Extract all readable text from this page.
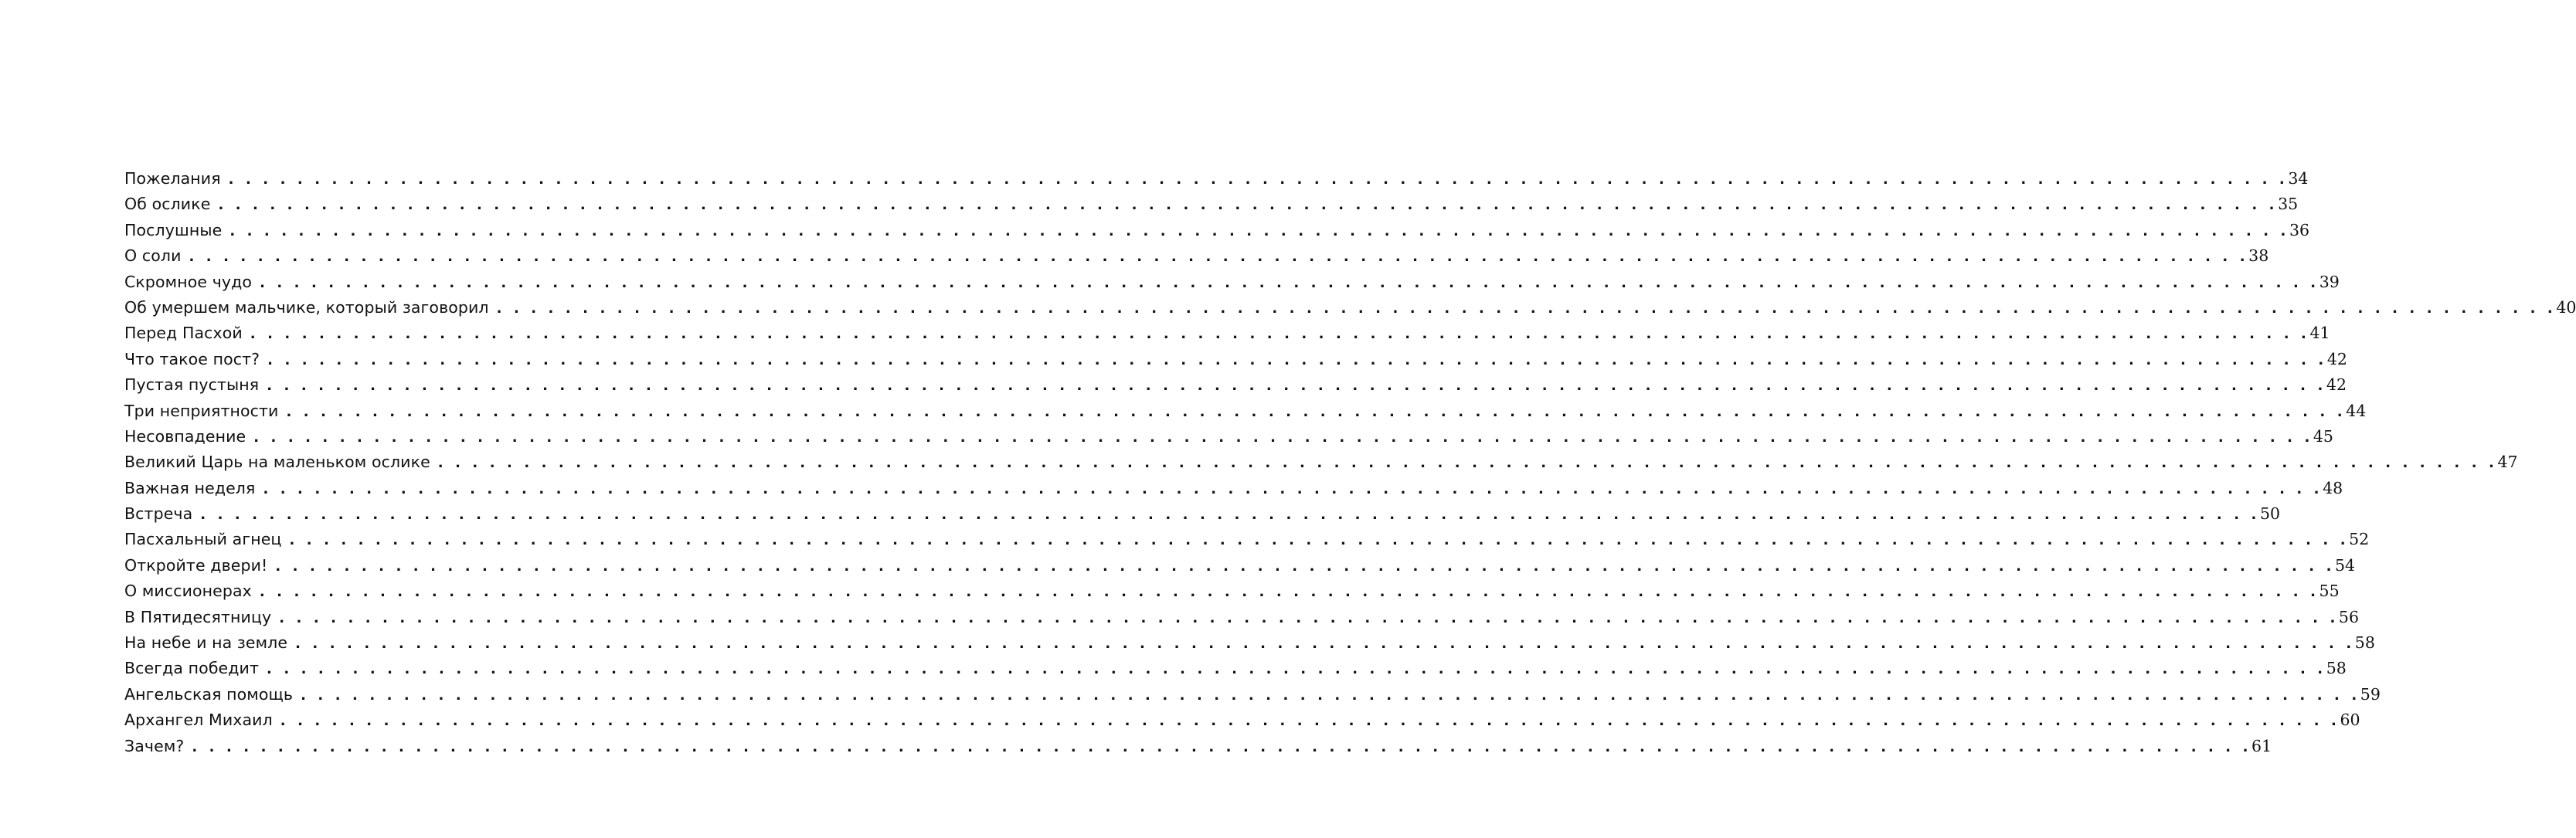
Пожелания . . . . . . . . . . . . . . . . . . . . . . . . . . . . . . . . . . . . . . . . . . . . . . . . . . . . . . . . . . . . . . . . . . . . . . . . . . . . . . . . . . . . . . . . . . . . . . . . . . . . . . . . . . . . . . . . . . . . . . . . 34
Об ослике . . . . . . . . . . . . . . . . . . . . . . . . . . . . . . . . . . . . . . . . . . . . . . . . . . . . . . . . . . . . . . . . . . . . . . . . . . . . . . . . . . . . . . . . . . . . . . . . . . . . . . . . . . . . . . . . . . . . . . . . 35
Послушные . . . . . . . . . . . . . . . . . . . . . . . . . . . . . . . . . . . . . . . . . . . . . . . . . . . . . . . . . . . . . . . . . . . . . . . . . . . . . . . . . . . . . . . . . . . . . . . . . . . . . . . . . . . . . . . . . . . . . . . . 36
О соли . . . . . . . . . . . . . . . . . . . . . . . . . . . . . . . . . . . . . . . . . . . . . . . . . . . . . . . . . . . . . . . . . . . . . . . . . . . . . . . . . . . . . . . . . . . . . . . . . . . . . . . . . . . . . . . . . . . . . . . . 38
Скромное чудо . . . . . . . . . . . . . . . . . . . . . . . . . . . . . . . . . . . . . . . . . . . . . . . . . . . . . . . . . . . . . . . . . . . . . . . . . . . . . . . . . . . . . . . . . . . . . . . . . . . . . . . . . . . . . . . . . . . . . . . . 39
Об умершем мальчике, который заговорил . . . . . . . . . . . . . . . . . . . . . . . . . . . . . . . . . . . . . . . . . . . . . . . . . . . . . . . . . . . . . . . . . . . . . . . . . . . . . . . . . . . . . . . . . . . . . . . . . . . . . . . . . . . . . . . . . . . . . . . . 40
Перед Пасхой . . . . . . . . . . . . . . . . . . . . . . . . . . . . . . . . . . . . . . . . . . . . . . . . . . . . . . . . . . . . . . . . . . . . . . . . . . . . . . . . . . . . . . . . . . . . . . . . . . . . . . . . . . . . . . . . . . . . . . . . 41
Что такое пост? . . . . . . . . . . . . . . . . . . . . . . . . . . . . . . . . . . . . . . . . . . . . . . . . . . . . . . . . . . . . . . . . . . . . . . . . . . . . . . . . . . . . . . . . . . . . . . . . . . . . . . . . . . . . . . . . . . . . . . . . 42
Пустая пустыня . . . . . . . . . . . . . . . . . . . . . . . . . . . . . . . . . . . . . . . . . . . . . . . . . . . . . . . . . . . . . . . . . . . . . . . . . . . . . . . . . . . . . . . . . . . . . . . . . . . . . . . . . . . . . . . . . . . . . . . . 42
Три неприятности . . . . . . . . . . . . . . . . . . . . . . . . . . . . . . . . . . . . . . . . . . . . . . . . . . . . . . . . . . . . . . . . . . . . . . . . . . . . . . . . . . . . . . . . . . . . . . . . . . . . . . . . . . . . . . . . . . . . . . . . 44
Несовпадение . . . . . . . . . . . . . . . . . . . . . . . . . . . . . . . . . . . . . . . . . . . . . . . . . . . . . . . . . . . . . . . . . . . . . . . . . . . . . . . . . . . . . . . . . . . . . . . . . . . . . . . . . . . . . . . . . . . . . . . . 45
Великий Царь на маленьком ослике . . . . . . . . . . . . . . . . . . . . . . . . . . . . . . . . . . . . . . . . . . . . . . . . . . . . . . . . . . . . . . . . . . . . . . . . . . . . . . . . . . . . . . . . . . . . . . . . . . . . . . . . . . . . . . . . . . . . . . . . 47
Важная неделя . . . . . . . . . . . . . . . . . . . . . . . . . . . . . . . . . . . . . . . . . . . . . . . . . . . . . . . . . . . . . . . . . . . . . . . . . . . . . . . . . . . . . . . . . . . . . . . . . . . . . . . . . . . . . . . . . . . . . . . . 48
Встреча . . . . . . . . . . . . . . . . . . . . . . . . . . . . . . . . . . . . . . . . . . . . . . . . . . . . . . . . . . . . . . . . . . . . . . . . . . . . . . . . . . . . . . . . . . . . . . . . . . . . . . . . . . . . . . . . . . . . . . . . 50
Пасхальный агнец . . . . . . . . . . . . . . . . . . . . . . . . . . . . . . . . . . . . . . . . . . . . . . . . . . . . . . . . . . . . . . . . . . . . . . . . . . . . . . . . . . . . . . . . . . . . . . . . . . . . . . . . . . . . . . . . . . . . . . . . 52
Откройте двери! . . . . . . . . . . . . . . . . . . . . . . . . . . . . . . . . . . . . . . . . . . . . . . . . . . . . . . . . . . . . . . . . . . . . . . . . . . . . . . . . . . . . . . . . . . . . . . . . . . . . . . . . . . . . . . . . . . . . . . . . 54
О миссионерах . . . . . . . . . . . . . . . . . . . . . . . . . . . . . . . . . . . . . . . . . . . . . . . . . . . . . . . . . . . . . . . . . . . . . . . . . . . . . . . . . . . . . . . . . . . . . . . . . . . . . . . . . . . . . . . . . . . . . . . . 55
В Пятидесятницу . . . . . . . . . . . . . . . . . . . . . . . . . . . . . . . . . . . . . . . . . . . . . . . . . . . . . . . . . . . . . . . . . . . . . . . . . . . . . . . . . . . . . . . . . . . . . . . . . . . . . . . . . . . . . . . . . . . . . . . . 56
На небе и на земле . . . . . . . . . . . . . . . . . . . . . . . . . . . . . . . . . . . . . . . . . . . . . . . . . . . . . . . . . . . . . . . . . . . . . . . . . . . . . . . . . . . . . . . . . . . . . . . . . . . . . . . . . . . . . . . . . . . . . . . . 58
Всегда победит . . . . . . . . . . . . . . . . . . . . . . . . . . . . . . . . . . . . . . . . . . . . . . . . . . . . . . . . . . . . . . . . . . . . . . . . . . . . . . . . . . . . . . . . . . . . . . . . . . . . . . . . . . . . . . . . . . . . . . . . 58
Ангельская помощь . . . . . . . . . . . . . . . . . . . . . . . . . . . . . . . . . . . . . . . . . . . . . . . . . . . . . . . . . . . . . . . . . . . . . . . . . . . . . . . . . . . . . . . . . . . . . . . . . . . . . . . . . . . . . . . . . . . . . . . . 59
Архангел Михаил . . . . . . . . . . . . . . . . . . . . . . . . . . . . . . . . . . . . . . . . . . . . . . . . . . . . . . . . . . . . . . . . . . . . . . . . . . . . . . . . . . . . . . . . . . . . . . . . . . . . . . . . . . . . . . . . . . . . . . . . 60
Зачем? . . . . . . . . . . . . . . . . . . . . . . . . . . . . . . . . . . . . . . . . . . . . . . . . . . . . . . . . . . . . . . . . . . . . . . . . . . . . . . . . . . . . . . . . . . . . . . . . . . . . . . . . . . . . . . . . . . . . . . . . 61
